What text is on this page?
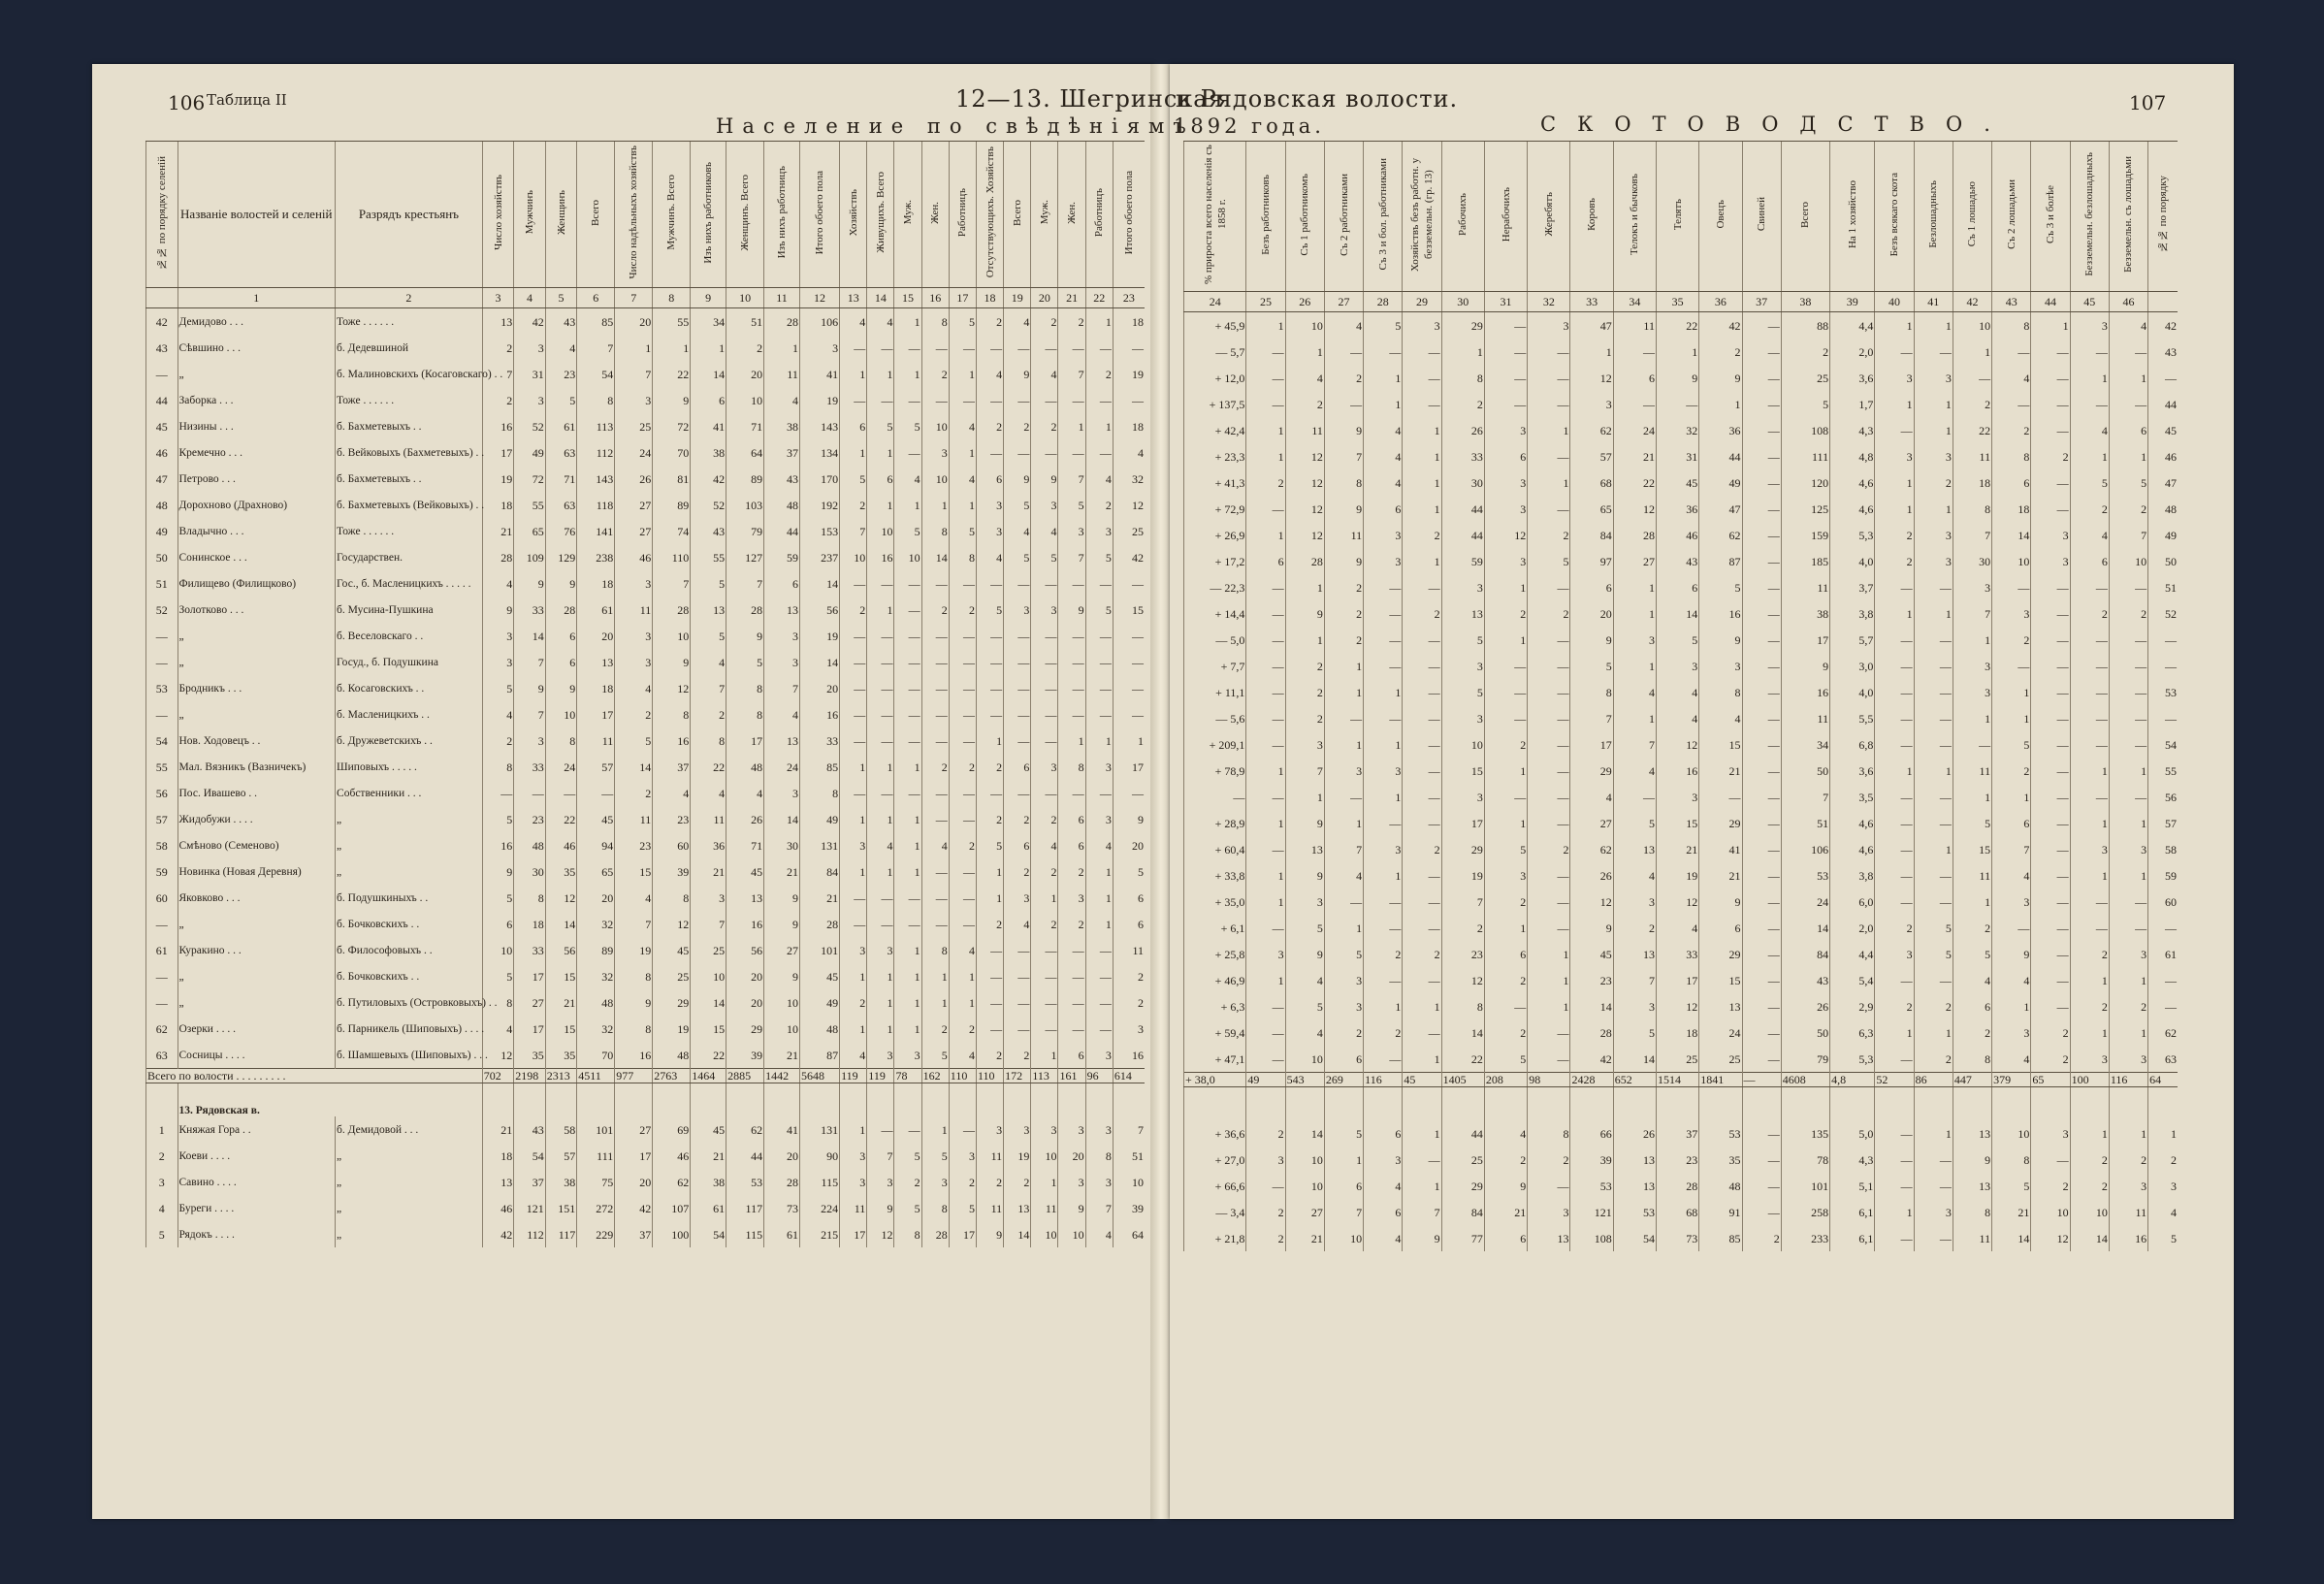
106 Таблица II	12—13. Шегринская
и Рядовская волости.	107
Население по свѣдѣніямъ
1892 года.	СКОТОВОДСТВО.
№№ по порядку селеній	Названіе волостей и селеній	Разрядъ крестьянъ	Число хозяйствъ	Мужчинъ	Женщинъ	Всего	Число надѣльныхъ хозяйствъ	Мужчинъ. Всего	Изъ нихъ работниковъ	Женщинъ. Всего	Изъ нихъ работницъ	Итого обоего пола	Хозяйствъ	Живущихъ. Всего	Муж.	Жен.	Работницъ	Отсутствующихъ. Хозяйствъ	Всего	Муж.	Жен.	Работницъ	Итого обоего пола
	1	2	3	4	5	6	7	8	9	10	11	12	13	14	15	16	17	18	19	20	21	22	23
42	Демидово . . .	Тоже . . . . . .	13	42	43	85	20	55	34	51	28	106	4	4	1	8	5	2	4	2	2	1	18
43	Сѣвшино . . .	б. Дедевшиной	2	3	4	7	1	1	1	2	1	3	—	—	—	—	—	—	—	—	—	—	—
—	„	б. Малиновскихъ (Косаговскаго) . .	7	31	23	54	7	22	14	20	11	41	1	1	1	2	1	4	9	4	7	2	19
44	Заборка . . .	Тоже . . . . . .	2	3	5	8	3	9	6	10	4	19	—	—	—	—	—	—	—	—	—	—	—
45	Низины . . .	б. Бахметевыхъ . .	16	52	61	113	25	72	41	71	38	143	6	5	5	10	4	2	2	2	1	1	18
46	Кремечно . . .	б. Вейковыхъ (Бахметевыхъ) . .	17	49	63	112	24	70	38	64	37	134	1	1	—	3	1	—	—	—	—	—	4
47	Петрово . . .	б. Бахметевыхъ . .	19	72	71	143	26	81	42	89	43	170	5	6	4	10	4	6	9	9	7	4	32
48	Дорохново (Драхново)	б. Бахметевыхъ (Вейковыхъ) . .	18	55	63	118	27	89	52	103	48	192	2	1	1	1	1	3	5	3	5	2	12
49	Владычно . . .	Тоже . . . . . .	21	65	76	141	27	74	43	79	44	153	7	10	5	8	5	3	4	4	3	3	25
50	Сонинское . . .	Государствен.	28	109	129	238	46	110	55	127	59	237	10	16	10	14	8	4	5	5	7	5	42
51	Филищево (Филищково)	Гос., б. Масленицкихъ . . . . .	4	9	9	18	3	7	5	7	6	14	—	—	—	—	—	—	—	—	—	—	—
52	Золотково . . .	б. Мусина-Пушкина	9	33	28	61	11	28	13	28	13	56	2	1	—	2	2	5	3	3	9	5	15
—	„	б. Веселовскаго . .	3	14	6	20	3	10	5	9	3	19	—	—	—	—	—	—	—	—	—	—	—
—	„	Госуд., б. Подушкина	3	7	6	13	3	9	4	5	3	14	—	—	—	—	—	—	—	—	—	—	—
53	Бродникъ . . .	б. Косаговскихъ . .	5	9	9	18	4	12	7	8	7	20	—	—	—	—	—	—	—	—	—	—	—
—	„	б. Масленицкихъ . .	4	7	10	17	2	8	2	8	4	16	—	—	—	—	—	—	—	—	—	—	—
54	Нов. Ходовецъ . .	б. Дружеветскихъ . .	2	3	8	11	5	16	8	17	13	33	—	—	—	—	—	1	—	—	1	1	1
55	Мал. Вязникъ (Вазничекъ)	Шиповыхъ . . . . .	8	33	24	57	14	37	22	48	24	85	1	1	1	2	2	2	6	3	8	3	17
56	Пос. Ивашево . .	Собственники . . .	—	—	—	—	2	4	4	4	3	8	—	—	—	—	—	—	—	—	—	—	—
57	Жидобужи . . . .	„	5	23	22	45	11	23	11	26	14	49	1	1	1	—	—	2	2	2	6	3	9
58	Смѣново (Семеново)	„	16	48	46	94	23	60	36	71	30	131	3	4	1	4	2	5	6	4	6	4	20
59	Новинка (Новая Деревня)	„	9	30	35	65	15	39	21	45	21	84	1	1	1	—	—	1	2	2	2	1	5
60	Яковково . . .	б. Подушкиныхъ . .	5	8	12	20	4	8	3	13	9	21	—	—	—	—	—	1	3	1	3	1	6
—	„	б. Бочковскихъ . .	6	18	14	32	7	12	7	16	9	28	—	—	—	—	—	2	4	2	2	1	6
61	Куракино . . .	б. Философовыхъ . .	10	33	56	89	19	45	25	56	27	101	3	3	1	8	4	—	—	—	—	—	11
—	„	б. Бочковскихъ . .	5	17	15	32	8	25	10	20	9	45	1	1	1	1	1	—	—	—	—	—	2
—	„	б. Путиловыхъ (Островковыхъ) . .	8	27	21	48	9	29	14	20	10	49	2	1	1	1	1	—	—	—	—	—	2
62	Озерки . . . .	б. Парникель (Шиповыхъ) . . . .	4	17	15	32	8	19	15	29	10	48	1	1	1	2	2	—	—	—	—	—	3
63	Сосницы . . . .	б. Шамшевыхъ (Шиповыхъ) . . .	12	35	35	70	16	48	22	39	21	87	4	3	3	5	4	2	2	1	6	3	16
Всего по волости . . . . . . . . .			702	2198	2313	4511	977	2763	1464	2885	1442	5648	119	119	78	162	110	110	172	113	161	96	614
	13. Рядовская в.																						
1	Княжая Гора . .	б. Демидовой . . .	21	43	58	101	27	69	45	62	41	131	1	—	—	1	—	3	3	3	3	3	7
2	Коеви . . . .	„	18	54	57	111	17	46	21	44	20	90	3	7	5	5	3	11	19	10	20	8	51
3	Савино . . . .	„	13	37	38	75	20	62	38	53	28	115	3	3	2	3	2	2	2	1	3	3	10
4	Буреги . . . .	„	46	121	151	272	42	107	61	117	73	224	11	9	5	8	5	11	13	11	9	7	39
5	Рядокъ . . . .	„	42	112	117	229	37	100	54	115	61	215	17	12	8	28	17	9	14	10	10	4	64
% прироста всего населенія съ 1858 г.	Безъ работниковъ	Съ 1 работникомъ	Съ 2 работниками	Съ 3 и бол. работниками	Хозяйствъ безъ работн. у безземельн. (гр. 13)	Рабочихъ	Нерабочихъ	Жеребятъ	Коровъ	Телокъ и бычковъ	Телятъ	Овецъ	Свиней	Всего	На 1 хозяйство	Безъ всякаго скота	Безлошадныхъ	Съ 1 лошадью	Съ 2 лошадьми	Съ 3 и болѣе	Безземельн. безлошадныхъ	Безземельн. съ лошадьми	№№ по порядку
24	25	26	27	28	29	30	31	32	33	34	35	36	37	38	39	40	41	42	43	44	45	46	
+ 45,9	1	10	4	5	3	29	—	3	47	11	22	42	—	88	4,4	1	1	10	8	1	3	4	42
— 5,7	—	1	—	—	—	1	—	—	1	—	1	2	—	2	2,0	—	—	1	—	—	—	—	43
+ 12,0	—	4	2	1	—	8	—	—	12	6	9	9	—	25	3,6	3	3	—	4	—	1	1	—
+ 137,5	—	2	—	1	—	2	—	—	3	—	—	1	—	5	1,7	1	1	2	—	—	—	—	44
+ 42,4	1	11	9	4	1	26	3	1	62	24	32	36	—	108	4,3	—	1	22	2	—	4	6	45
+ 23,3	1	12	7	4	1	33	6	—	57	21	31	44	—	111	4,8	3	3	11	8	2	1	1	46
+ 41,3	2	12	8	4	1	30	3	1	68	22	45	49	—	120	4,6	1	2	18	6	—	5	5	47
+ 72,9	—	12	9	6	1	44	3	—	65	12	36	47	—	125	4,6	1	1	8	18	—	2	2	48
+ 26,9	1	12	11	3	2	44	12	2	84	28	46	62	—	159	5,3	2	3	7	14	3	4	7	49
+ 17,2	6	28	9	3	1	59	3	5	97	27	43	87	—	185	4,0	2	3	30	10	3	6	10	50
— 22,3	—	1	2	—	—	3	1	—	6	1	6	5	—	11	3,7	—	—	3	—	—	—	—	51
+ 14,4	—	9	2	—	2	13	2	2	20	1	14	16	—	38	3,8	1	1	7	3	—	2	2	52
— 5,0	—	1	2	—	—	5	1	—	9	3	5	9	—	17	5,7	—	—	1	2	—	—	—	—
+ 7,7	—	2	1	—	—	3	—	—	5	1	3	3	—	9	3,0	—	—	3	—	—	—	—	—
+ 11,1	—	2	1	1	—	5	—	—	8	4	4	8	—	16	4,0	—	—	3	1	—	—	—	53
— 5,6	—	2	—	—	—	3	—	—	7	1	4	4	—	11	5,5	—	—	1	1	—	—	—	—
+ 209,1	—	3	1	1	—	10	2	—	17	7	12	15	—	34	6,8	—	—	—	5	—	—	—	54
+ 78,9	1	7	3	3	—	15	1	—	29	4	16	21	—	50	3,6	1	1	11	2	—	1	1	55
—	—	1	—	1	—	3	—	—	4	—	3	—	—	7	3,5	—	—	1	1	—	—	—	56
+ 28,9	1	9	1	—	—	17	1	—	27	5	15	29	—	51	4,6	—	—	5	6	—	1	1	57
+ 60,4	—	13	7	3	2	29	5	2	62	13	21	41	—	106	4,6	—	1	15	7	—	3	3	58
+ 33,8	1	9	4	1	—	19	3	—	26	4	19	21	—	53	3,8	—	—	11	4	—	1	1	59
+ 35,0	1	3	—	—	—	7	2	—	12	3	12	9	—	24	6,0	—	—	1	3	—	—	—	60
+ 6,1	—	5	1	—	—	2	1	—	9	2	4	6	—	14	2,0	2	5	2	—	—	—	—	—
+ 25,8	3	9	5	2	2	23	6	1	45	13	33	29	—	84	4,4	3	5	5	9	—	2	3	61
+ 46,9	1	4	3	—	—	12	2	1	23	7	17	15	—	43	5,4	—	—	4	4	—	1	1	—
+ 6,3	—	5	3	1	1	8	—	1	14	3	12	13	—	26	2,9	2	2	6	1	—	2	2	—
+ 59,4	—	4	2	2	—	14	2	—	28	5	18	24	—	50	6,3	1	1	2	3	2	1	1	62
+ 47,1	—	10	6	—	1	22	5	—	42	14	25	25	—	79	5,3	—	2	8	4	2	3	3	63
+ 38,0	49	543	269	116	45	1405	208	98	2428	652	1514	1841	—	4608	4,8	52	86	447	379	65	100	116	64

+ 36,6	2	14	5	6	1	44	4	8	66	26	37	53	—	135	5,0	—	1	13	10	3	1	1	1
+ 27,0	3	10	1	3	—	25	2	2	39	13	23	35	—	78	4,3	—	—	9	8	—	2	2	2
+ 66,6	—	10	6	4	1	29	9	—	53	13	28	48	—	101	5,1	—	—	13	5	2	2	3	3
— 3,4	2	27	7	6	7	84	21	3	121	53	68	91	—	258	6,1	1	3	8	21	10	10	11	4
+ 21,8	2	21	10	4	9	77	6	13	108	54	73	85	2	233	6,1	—	—	11	14	12	14	16	5
